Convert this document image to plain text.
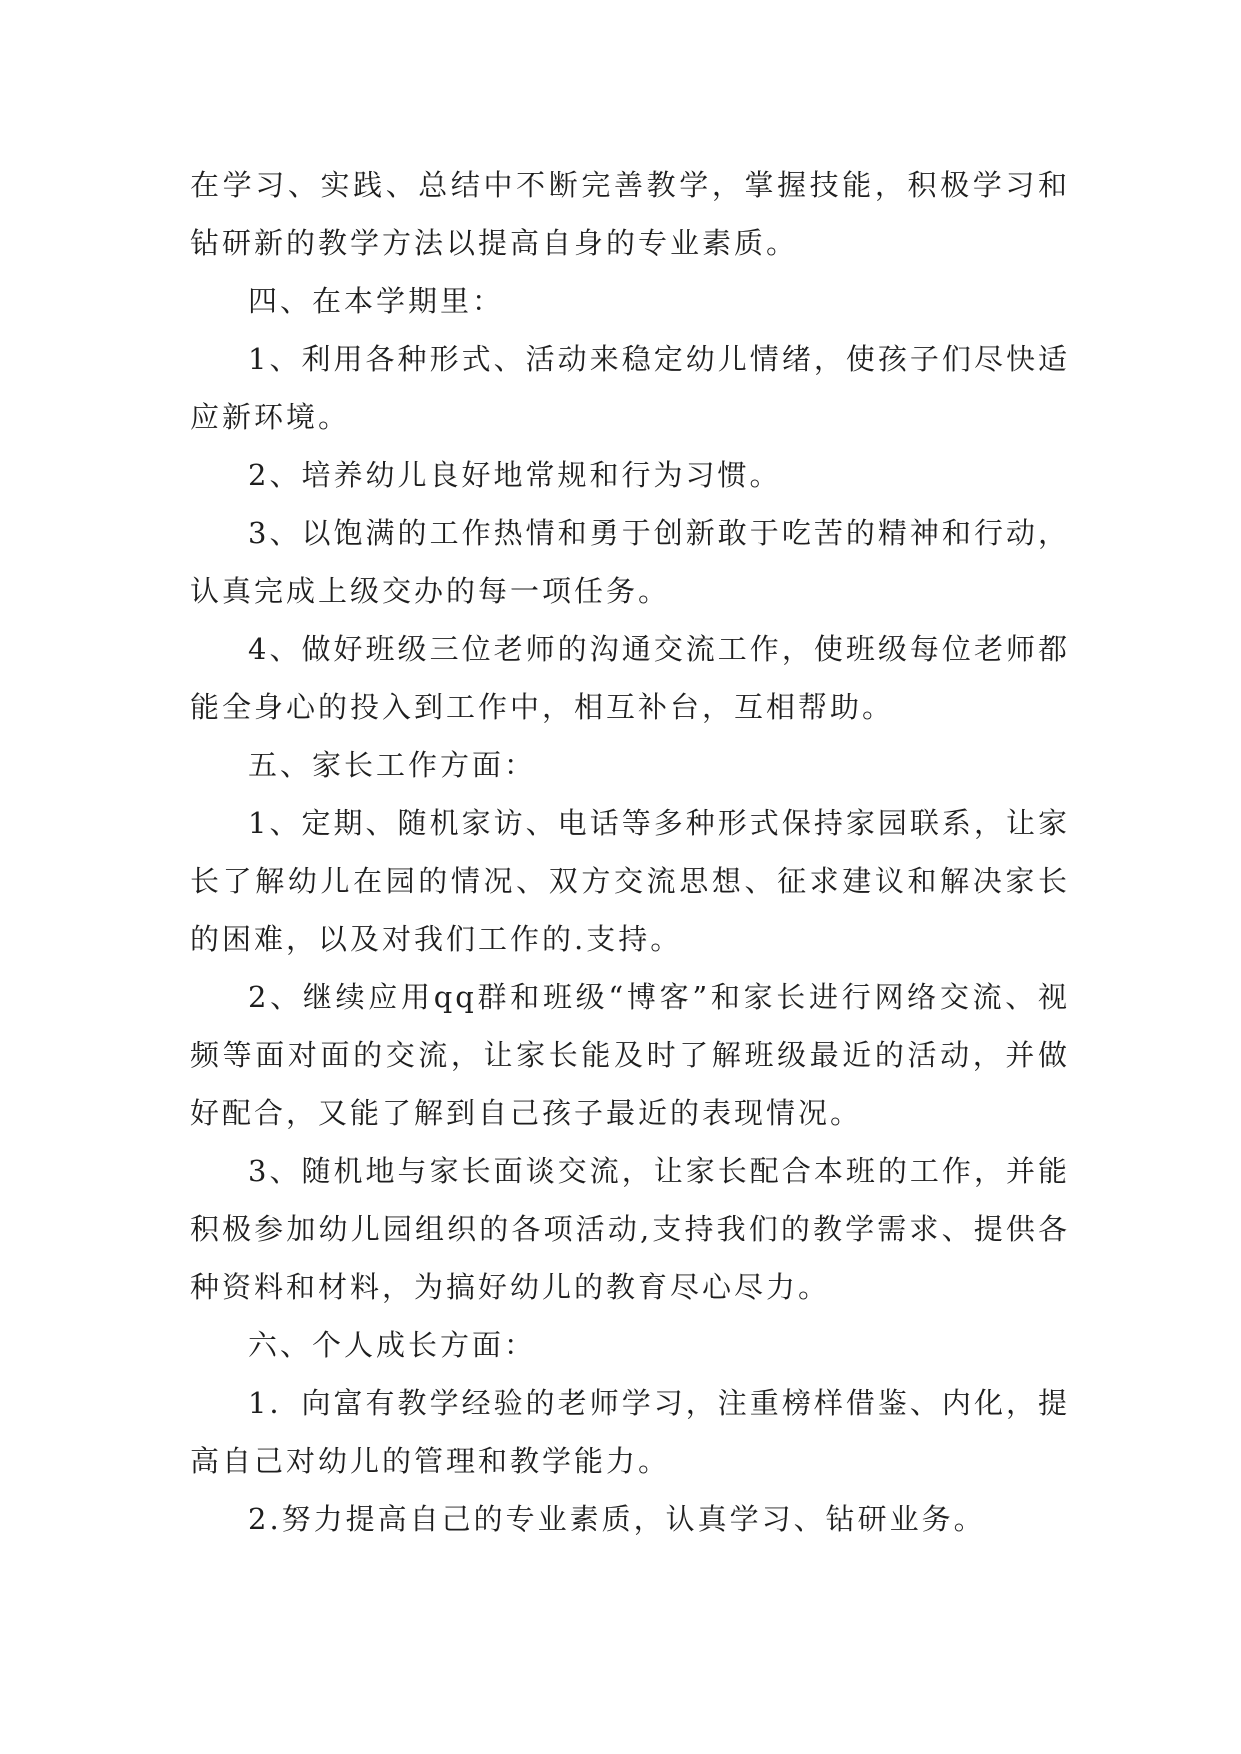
在学习、实践、总结中不断完善教学，掌握技能，积极学习和钻研新的教学方法以提高自身的专业素质。

四、在本学期里：

1、利用各种形式、活动来稳定幼儿情绪，使孩子们尽快适应新环境。

2、培养幼儿良好地常规和行为习惯。

3、以饱满的工作热情和勇于创新敢于吃苦的精神和行动，认真完成上级交办的每一项任务。

4、做好班级三位老师的沟通交流工作，使班级每位老师都能全身心的投入到工作中，相互补台，互相帮助。

五、家长工作方面：

1、定期、随机家访、电话等多种形式保持家园联系，让家长了解幼儿在园的情况、双方交流思想、征求建议和解决家长的困难，以及对我们工作的.支持。

2、继续应用qq群和班级“博客”和家长进行网络交流、视频等面对面的交流，让家长能及时了解班级最近的活动，并做好配合，又能了解到自己孩子最近的表现情况。

3、随机地与家长面谈交流，让家长配合本班的工作，并能积极参加幼儿园组织的各项活动,支持我们的教学需求、提供各种资料和材料，为搞好幼儿的教育尽心尽力。

六、个人成长方面：

1．向富有教学经验的老师学习，注重榜样借鉴、内化，提高自己对幼儿的管理和教学能力。

2.努力提高自己的专业素质，认真学习、钻研业务。
